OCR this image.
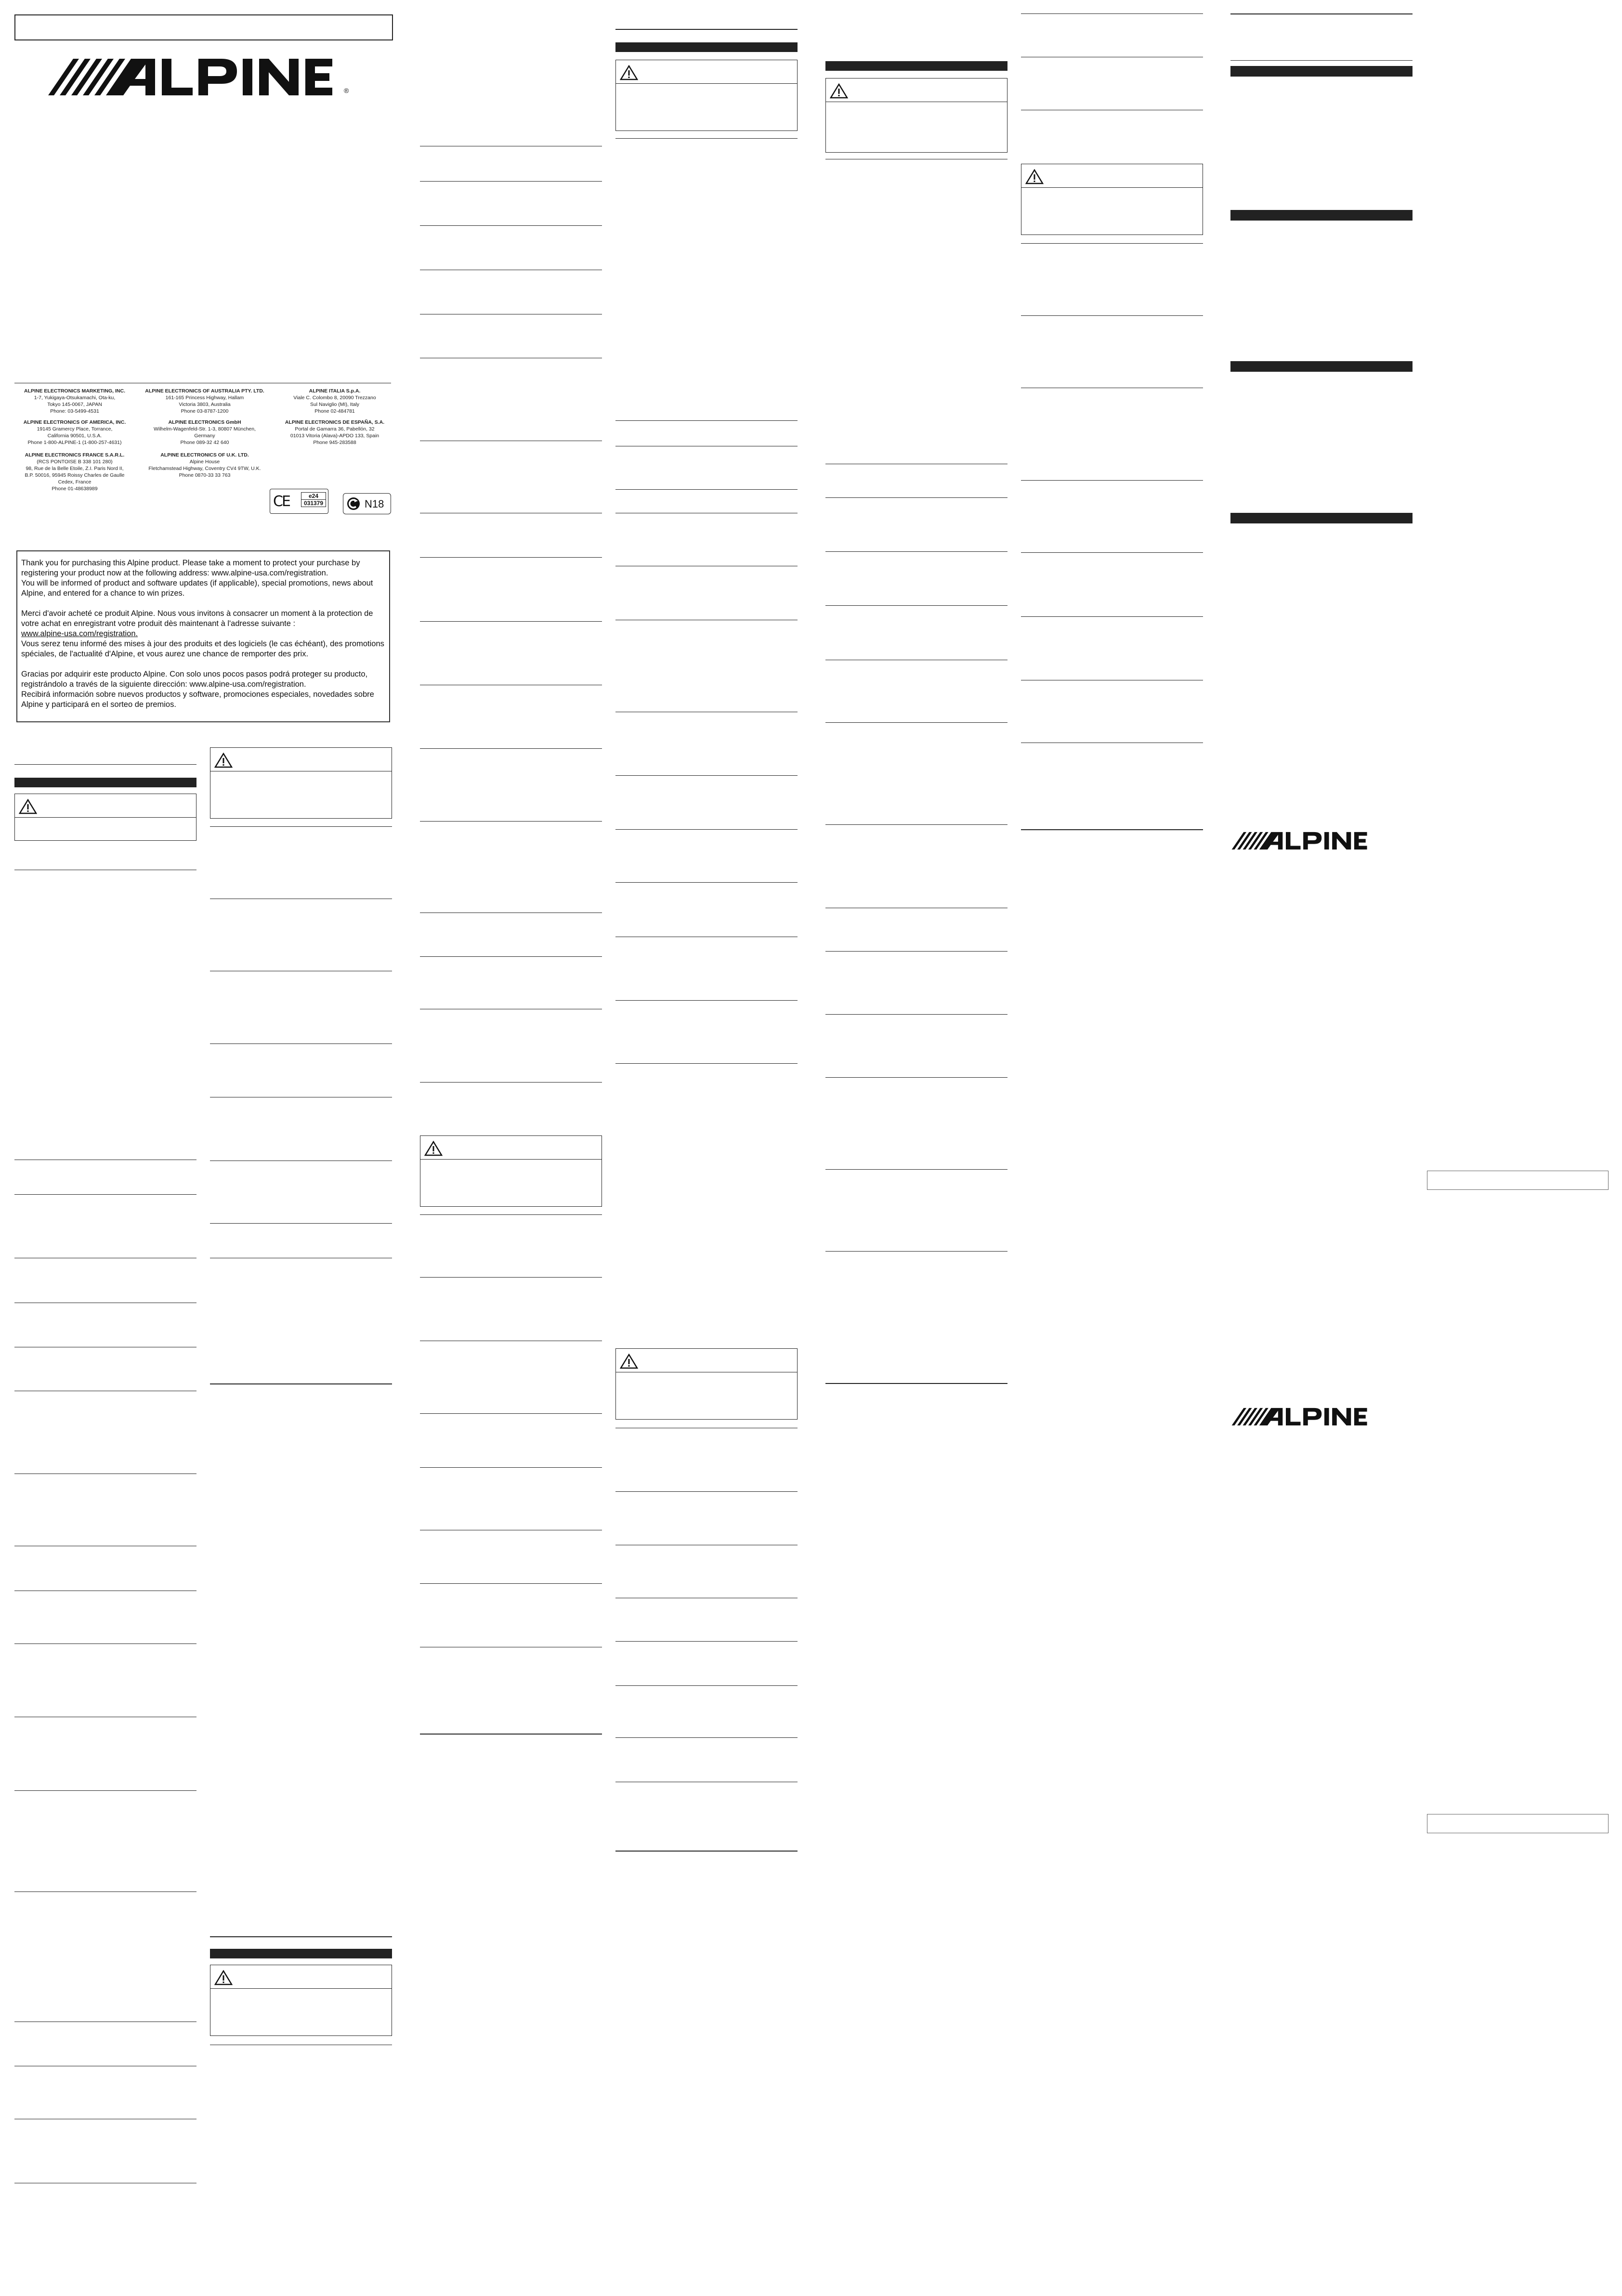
®
ALPINE ELECTRONICS MARKETING, INC.
1-7, Yukigaya-Otsukamachi, Ota-ku,
Tokyo 145-0067, JAPAN
Phone: 03-5499-4531
ALPINE ELECTRONICS OF AUSTRALIA PTY. LTD.
161-165 Princess Highway, Hallam
Victoria 3803, Australia
Phone 03-8787-1200
ALPINE ITALIA S.p.A.
Viale C. Colombo 8, 20090 Trezzano
Sul Naviglio (MI), Italy
Phone 02-484781
ALPINE ELECTRONICS OF AMERICA, INC.
19145 Gramercy Place, Torrance,
California 90501, U.S.A.
Phone 1-800-ALPINE-1 (1-800-257-4631)
ALPINE ELECTRONICS GmbH
Wilhelm-Wagenfeld-Str. 1-3, 80807 München,
Germany
Phone 089-32 42 640
ALPINE ELECTRONICS DE ESPAÑA, S.A.
Portal de Gamarra 36, Pabellón, 32
01013 Vitoria (Alava)-APDO 133, Spain
Phone 945-283588
ALPINE ELECTRONICS FRANCE S.A.R.L.
(RCS PONTOISE B 338 101 280)
98, Rue de la Belle Etoile, Z.I. Paris Nord II,
B.P. 50016, 95945 Roissy Charles de Gaulle
Cedex, France
Phone 01-48638989
ALPINE ELECTRONICS OF U.K. LTD.
Alpine House
Fletchamstead Highway, Coventry CV4 9TW, U.K.
Phone 0870-33 33 763
CE	e24
031379	N18

Thank you for purchasing this Alpine product. Please take a moment to protect your purchase by registering your product now at the following address: www.alpine-usa.com/registration.
You will be informed of product and software updates (if applicable), special promotions, news about Alpine, and entered for a chance to win prizes.

Merci d'avoir acheté ce produit Alpine. Nous vous invitons à consacrer un moment à la protection de votre achat en enregistrant votre produit dès maintenant à l'adresse suivante :
www.alpine-usa.com/registration.
Vous serez tenu informé des mises à jour des produits et des logiciels (le cas échéant), des promotions spéciales, de l'actualité d'Alpine, et vous aurez une chance de remporter des prix.

Gracias por adquirir este producto Alpine. Con solo unos pocos pasos podrá proteger su producto, registrándolo a través de la siguiente dirección: www.alpine-usa.com/registration.
Recibirá información sobre nuevos productos y software, promociones especiales, novedades sobre Alpine y participará en el sorteo de premios.
